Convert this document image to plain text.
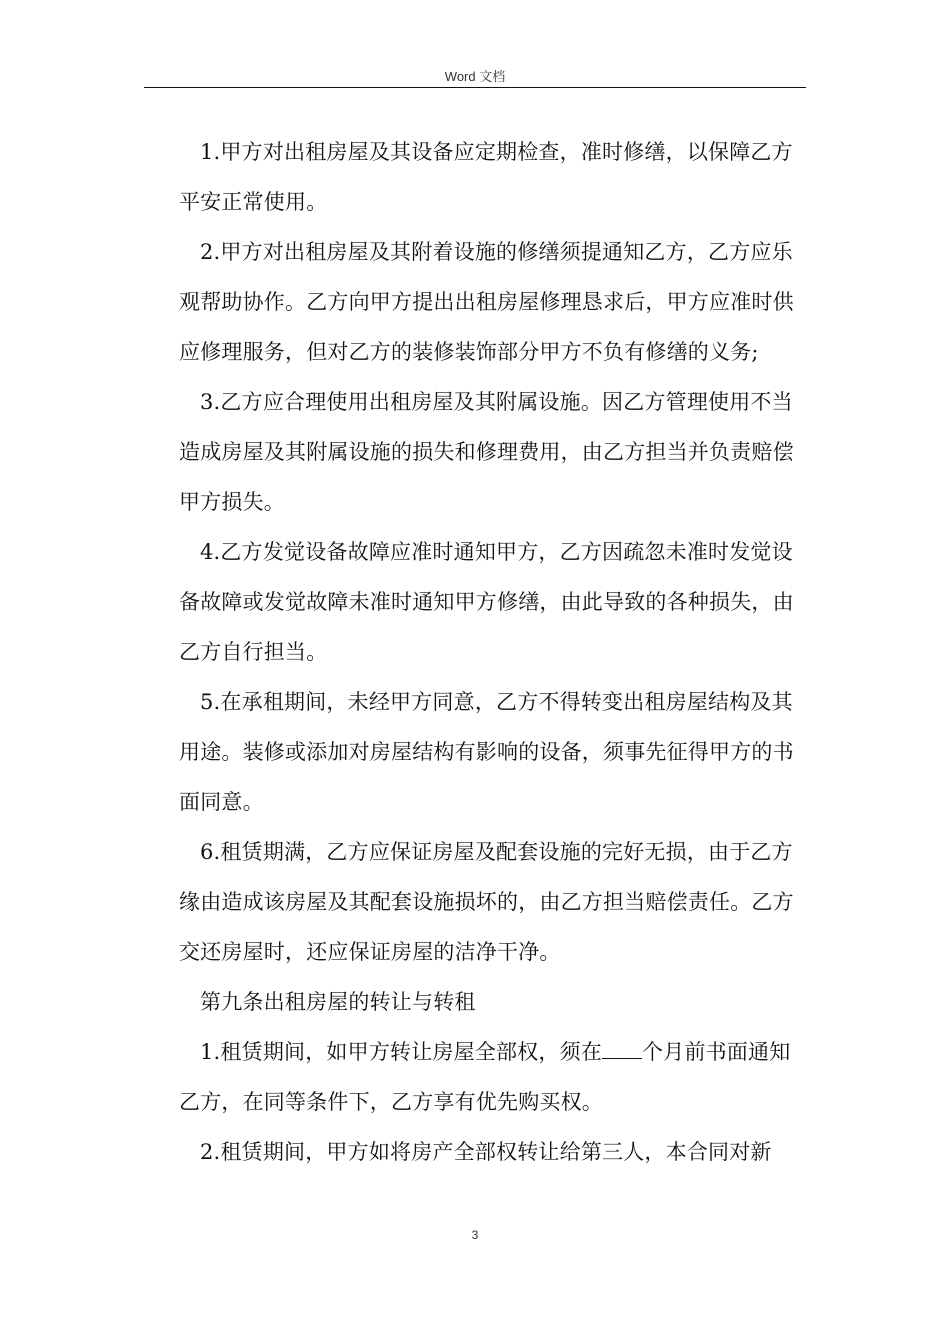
Word 文档

1.甲方对出租房屋及其设备应定期检查，准时修缮，以保障乙方平安正常使用。

2.甲方对出租房屋及其附着设施的修缮须提通知乙方，乙方应乐观帮助协作。乙方向甲方提出出租房屋修理恳求后，甲方应准时供应修理服务，但对乙方的装修装饰部分甲方不负有修缮的义务;

3.乙方应合理使用出租房屋及其附属设施。因乙方管理使用不当造成房屋及其附属设施的损失和修理费用，由乙方担当并负责赔偿甲方损失。

4.乙方发觉设备故障应准时通知甲方，乙方因疏忽未准时发觉设备故障或发觉故障未准时通知甲方修缮，由此导致的各种损失，由乙方自行担当。

5.在承租期间，未经甲方同意，乙方不得转变出租房屋结构及其用途。装修或添加对房屋结构有影响的设备，须事先征得甲方的书面同意。

6.租赁期满，乙方应保证房屋及配套设施的完好无损，由于乙方缘由造成该房屋及其配套设施损坏的，由乙方担当赔偿责任。乙方交还房屋时，还应保证房屋的洁净干净。

第九条出租房屋的转让与转租

1.租赁期间，如甲方转让房屋全部权，须在 个月前书面通知乙方，在同等条件下，乙方享有优先购买权。

2.租赁期间，甲方如将房产全部权转让给第三人，本合同对新

3
